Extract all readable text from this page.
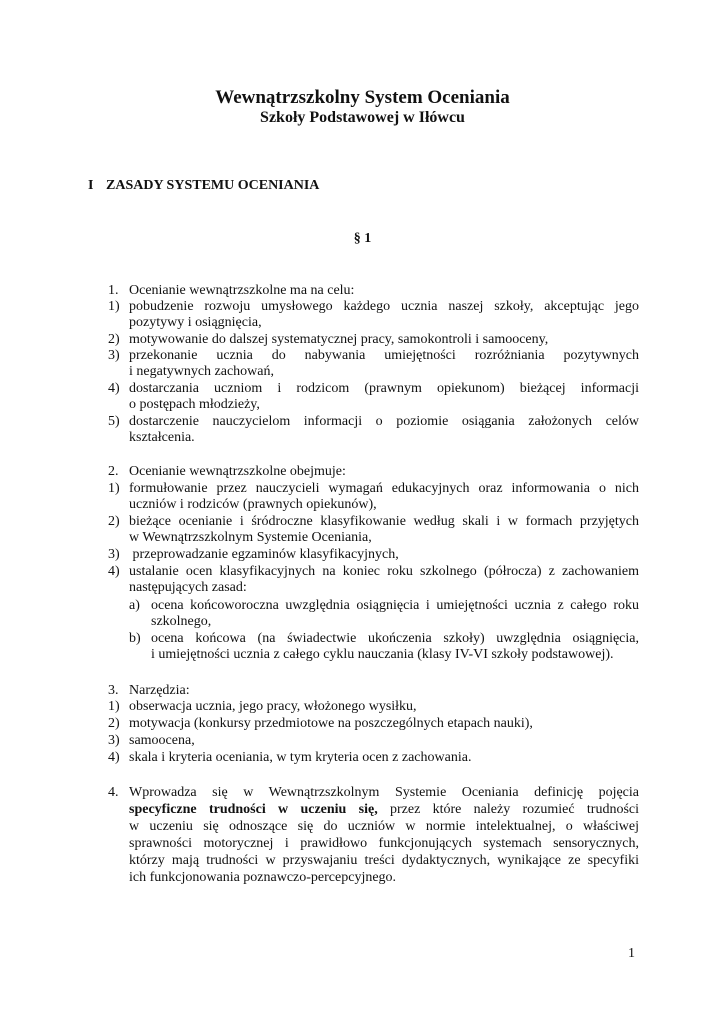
Wewnątrzszkolny System Oceniania
Szkoły Podstawowej w Iłówcu
I ZASADY SYSTEMU OCENIANIA
§ 1
1. Ocenianie wewnątrzszkolne ma na celu:
1) pobudzenie rozwoju umysłowego każdego ucznia naszej szkoły, akceptując jego
pozytywy i osiągnięcia,
2) motywowanie do dalszej systematycznej pracy, samokontroli i samooceny,
3) przekonanie ucznia do nabywania umiejętności rozróżniania pozytywnych
i negatywnych zachowań,
4) dostarczania uczniom i rodzicom (prawnym opiekunom) bieżącej informacji
o postępach młodzieży,
5) dostarczenie nauczycielom informacji o poziomie osiągania założonych celów
kształcenia.
2. Ocenianie wewnątrzszkolne obejmuje:
1) formułowanie przez nauczycieli wymagań edukacyjnych oraz informowania o nich
uczniów i rodziców (prawnych opiekunów),
2) bieżące ocenianie i śródroczne klasyfikowanie według skali i w formach przyjętych
w Wewnątrzszkolnym Systemie Oceniania,
3) przeprowadzanie egzaminów klasyfikacyjnych,
4) ustalanie ocen klasyfikacyjnych na koniec roku szkolnego (półrocza) z zachowaniem
następujących zasad:
a) ocena końcoworoczna uwzględnia osiągnięcia i umiejętności ucznia z całego roku
szkolnego,
b) ocena końcowa (na świadectwie ukończenia szkoły) uwzględnia osiągnięcia,
i umiejętności ucznia z całego cyklu nauczania (klasy IV-VI szkoły podstawowej).
3. Narzędzia:
1) obserwacja ucznia, jego pracy, włożonego wysiłku,
2) motywacja (konkursy przedmiotowe na poszczególnych etapach nauki),
3) samoocena,
4) skala i kryteria oceniania, w tym kryteria ocen z zachowania.
4. Wprowadza się w Wewnątrzszkolnym Systemie Oceniania definicję pojęcia
specyficzne trudności w uczeniu się, przez które należy rozumieć trudności
w uczeniu się odnoszące się do uczniów w normie intelektualnej, o właściwej
sprawności motorycznej i prawidłowo funkcjonujących systemach sensorycznych,
którzy mają trudności w przyswajaniu treści dydaktycznych, wynikające ze specyfiki
ich funkcjonowania poznawczo-percepcyjnego.
1
